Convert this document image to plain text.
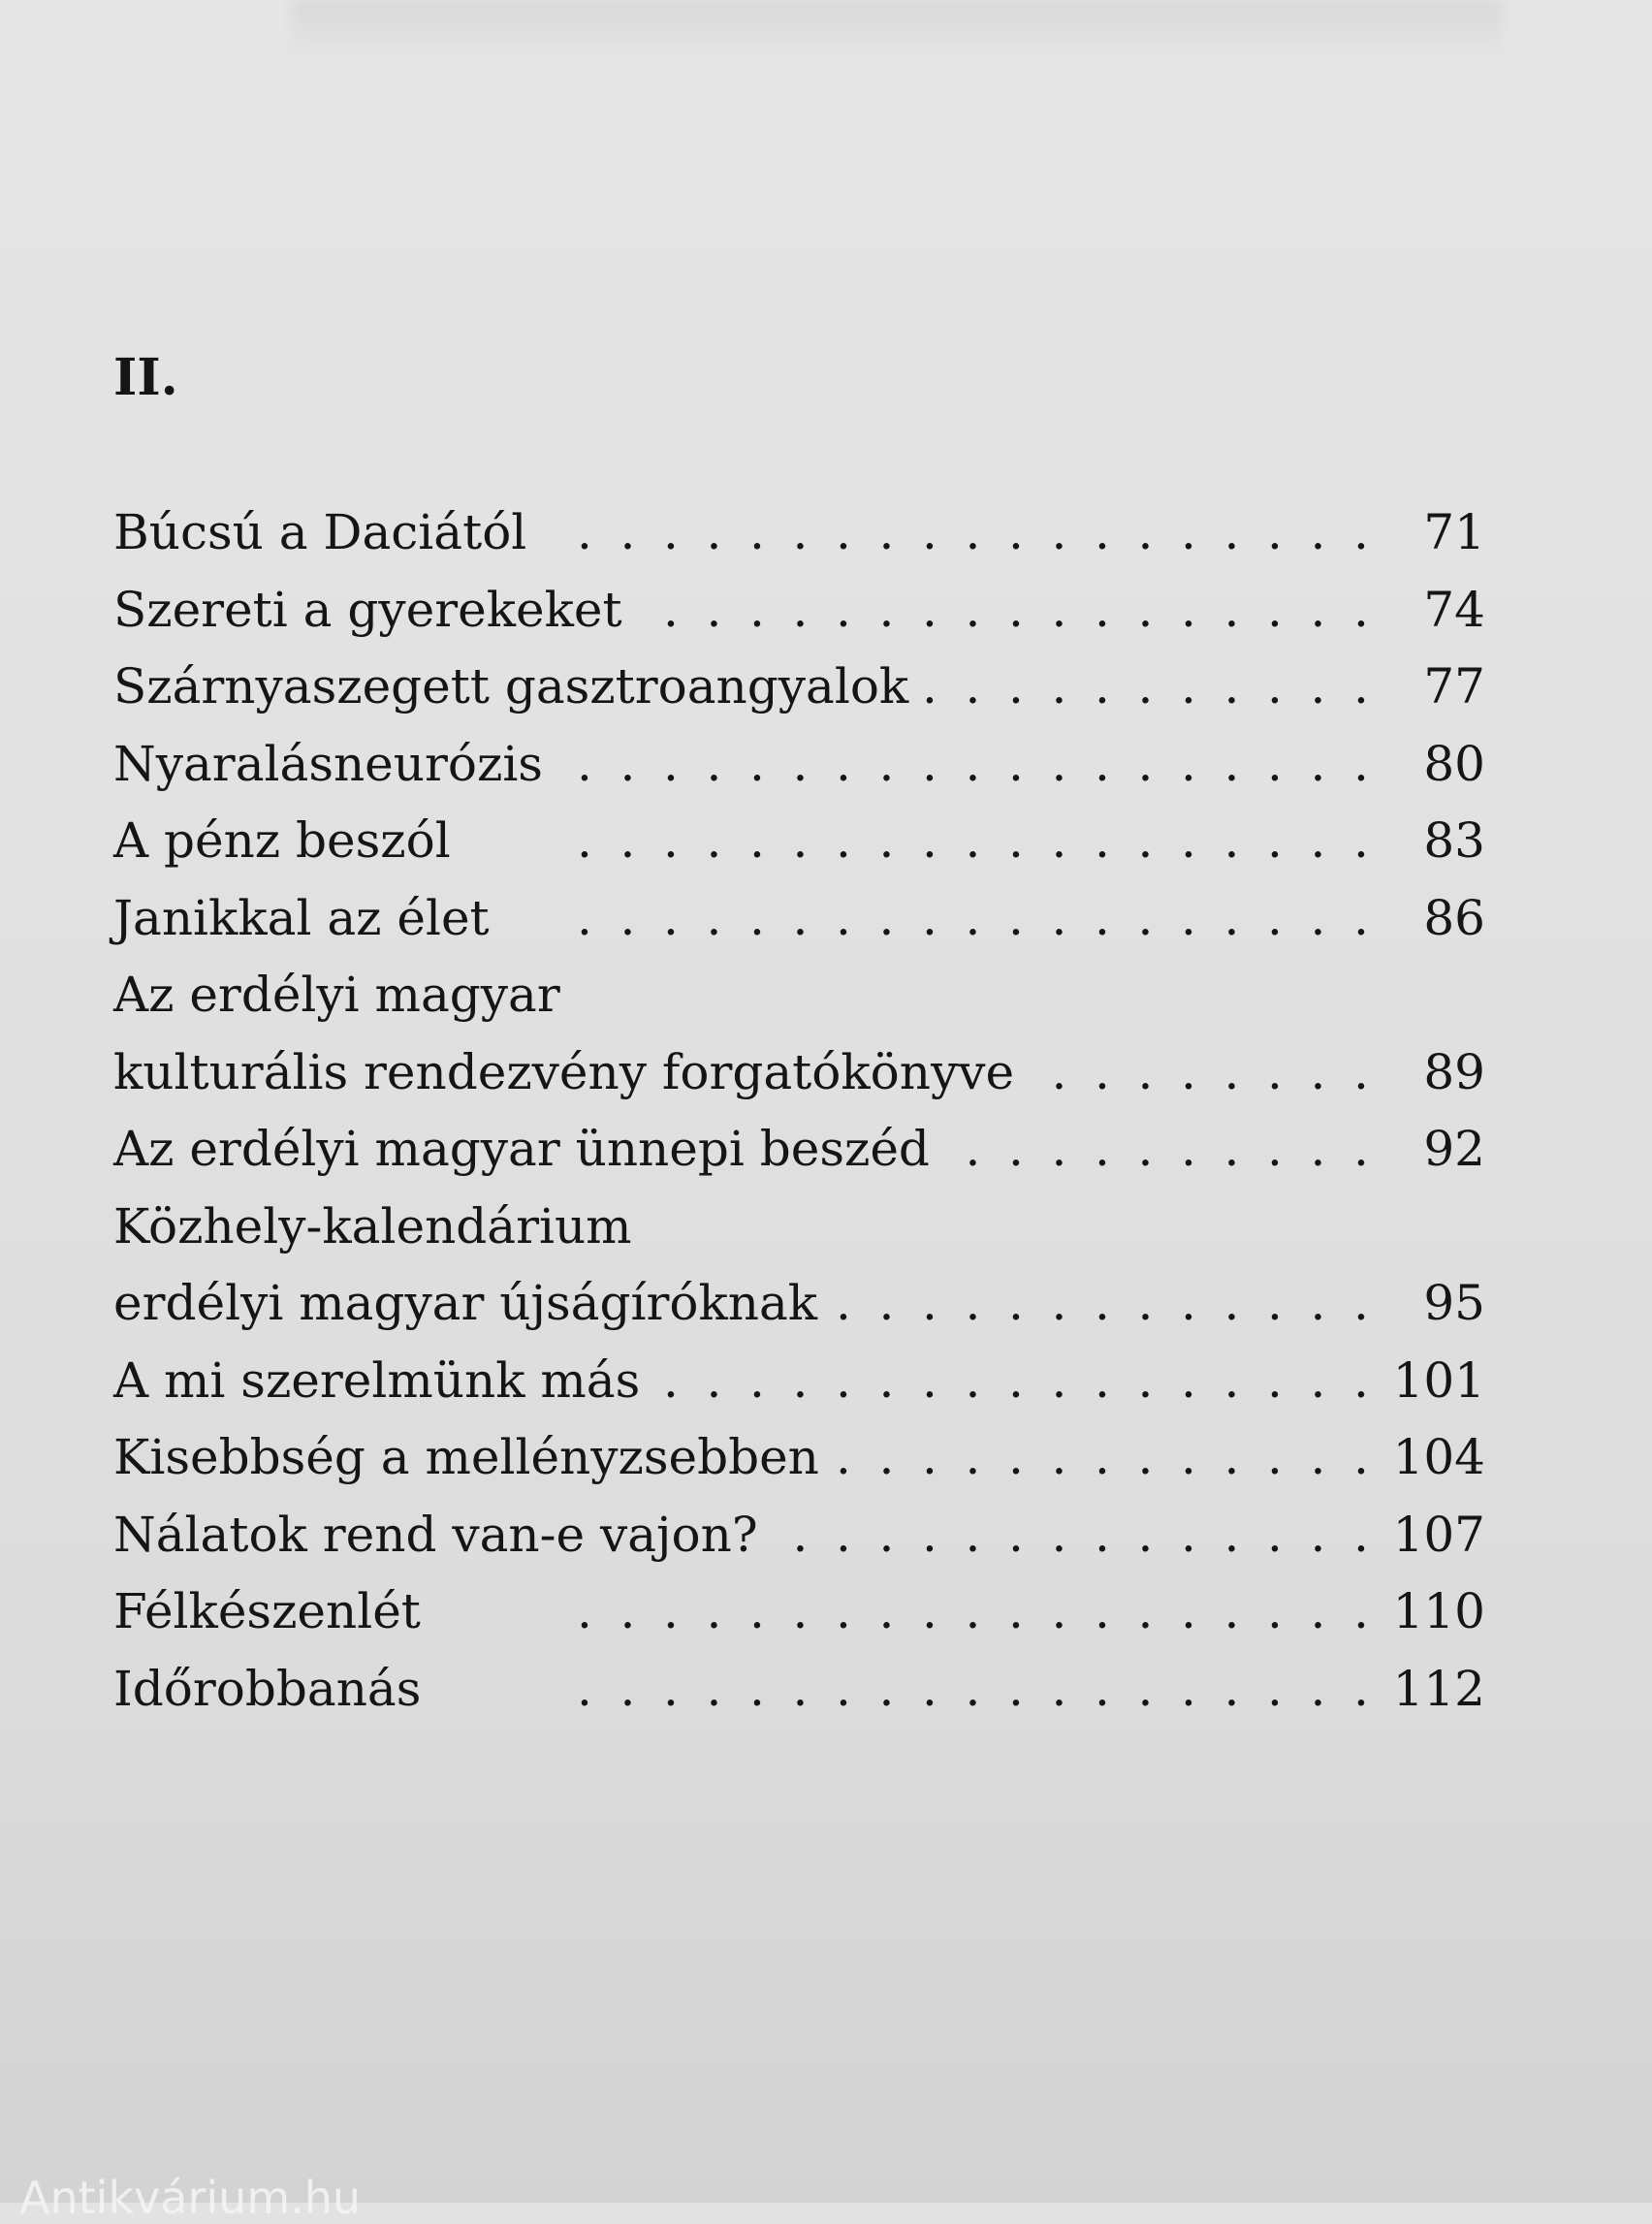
II.
Búcsú a Daciától . . . . . . . . . . . . . . . . . . . 71
Szereti a gyerekeket . . . . . . . . . . . . . . . . . 74
Szárnyaszegett gasztroangyalok . . . . . . . . . . . 77
Nyaralásneurózis . . . . . . . . . . . . . . . . . . . 80
A pénz beszól	. . . . . . . . . . . . . . . . . . . 83
Janikkal az élet . . . . . . . . . . . . . . . . . . . 86
Az erdélyi magyar
kulturális rendezvény forgatókönyve . . . . . . . . 89
Az erdélyi magyar ünnepi beszéd . . . . . . . . . . 92
Közhely-kalendárium
erdélyi magyar újságíróknak . . . . . . . . . . . . . 95
A mi szerelmünk más . . . . . . . . . . . . . . . . . 101
Kisebbség a mellényzsebben . . . . . . . . . . . . . 104
Nálatok rend van-e vajon? . . . . . . . . . . . . . . 107
Félkészenlét	. . . . . . . . . . . . . . . . . . . 110
Időrobbanás	. . . . . . . . . . . . . . . . . . . 112
Antikvárium.hu
